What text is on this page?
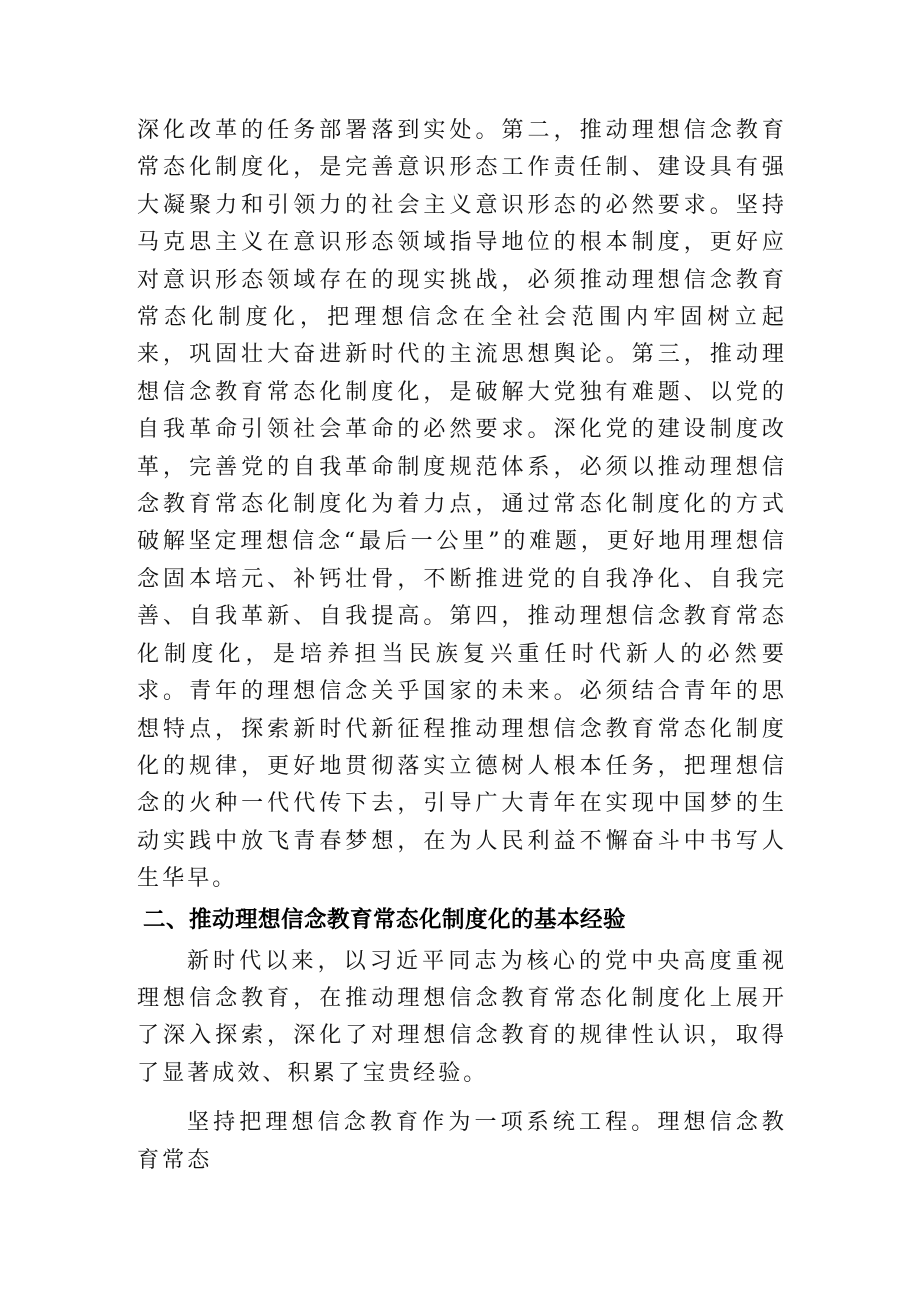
深化改革的任务部署落到实处。第二，推动理想信念教育常态化制度化，是完善意识形态工作责任制、建设具有强大凝聚力和引领力的社会主义意识形态的必然要求。坚持马克思主义在意识形态领域指导地位的根本制度，更好应对意识形态领域存在的现实挑战，必须推动理想信念教育常态化制度化，把理想信念在全社会范围内牢固树立起来，巩固壮大奋进新时代的主流思想舆论。第三，推动理想信念教育常态化制度化，是破解大党独有难题、以党的自我革命引领社会革命的必然要求。深化党的建设制度改革，完善党的自我革命制度规范体系，必须以推动理想信念教育常态化制度化为着力点，通过常态化制度化的方式破解坚定理想信念“最后一公里”的难题，更好地用理想信念固本培元、补钙壮骨，不断推进党的自我净化、自我完善、自我革新、自我提高。第四，推动理想信念教育常态化制度化，是培养担当民族复兴重任时代新人的必然要求。青年的理想信念关乎国家的未来。必须结合青年的思想特点，探索新时代新征程推动理想信念教育常态化制度化的规律，更好地贯彻落实立德树人根本任务，把理想信念的火种一代代传下去，引导广大青年在实现中国梦的生动实践中放飞青春梦想，在为人民利益不懈奋斗中书写人生华早。

二、推动理想信念教育常态化制度化的基本经验

新时代以来，以习近平同志为核心的党中央高度重视理想信念教育，在推动理想信念教育常态化制度化上展开了深入探索，深化了对理想信念教育的规律性认识，取得了显著成效、积累了宝贵经验。

坚持把理想信念教育作为一项系统工程。理想信念教育常态
